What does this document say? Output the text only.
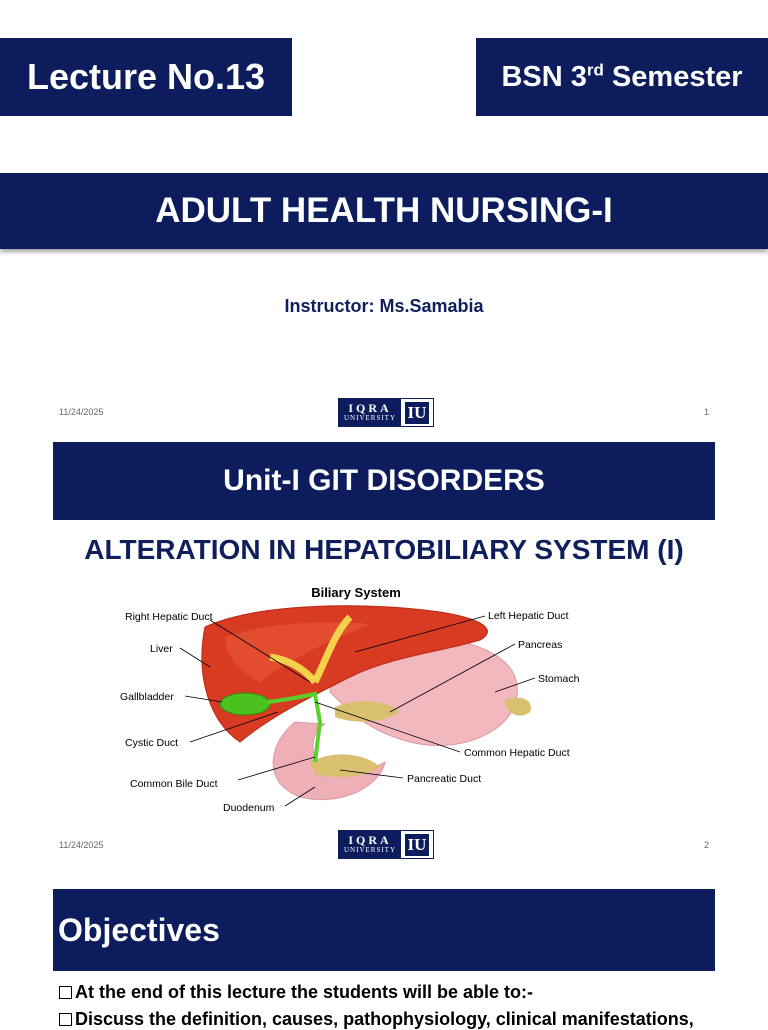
Lecture No.13	BSN 3rd Semester
ADULT HEALTH NURSING-I
Instructor: Ms.Samabia
11/24/2025	IQRA
UNIVERSITY IU	1
Unit-I GIT DISORDERS
ALTERATION IN HEPATOBILIARY SYSTEM (I)
Biliary System
Right Hepatic Duct	Left Hepatic Duct
Liver	Pancreas
Stomach
Gallbladder
Cystic Duct
Common Hepatic Duct
Common Bile Duct	Pancreatic Duct
Duodenum
11/24/2025	IQRA
UNIVERSITY IU	2
Objectives
At the end of this lecture the students will be able to:-
Discuss the definition, causes, pathophysiology, clinical manifestations,
